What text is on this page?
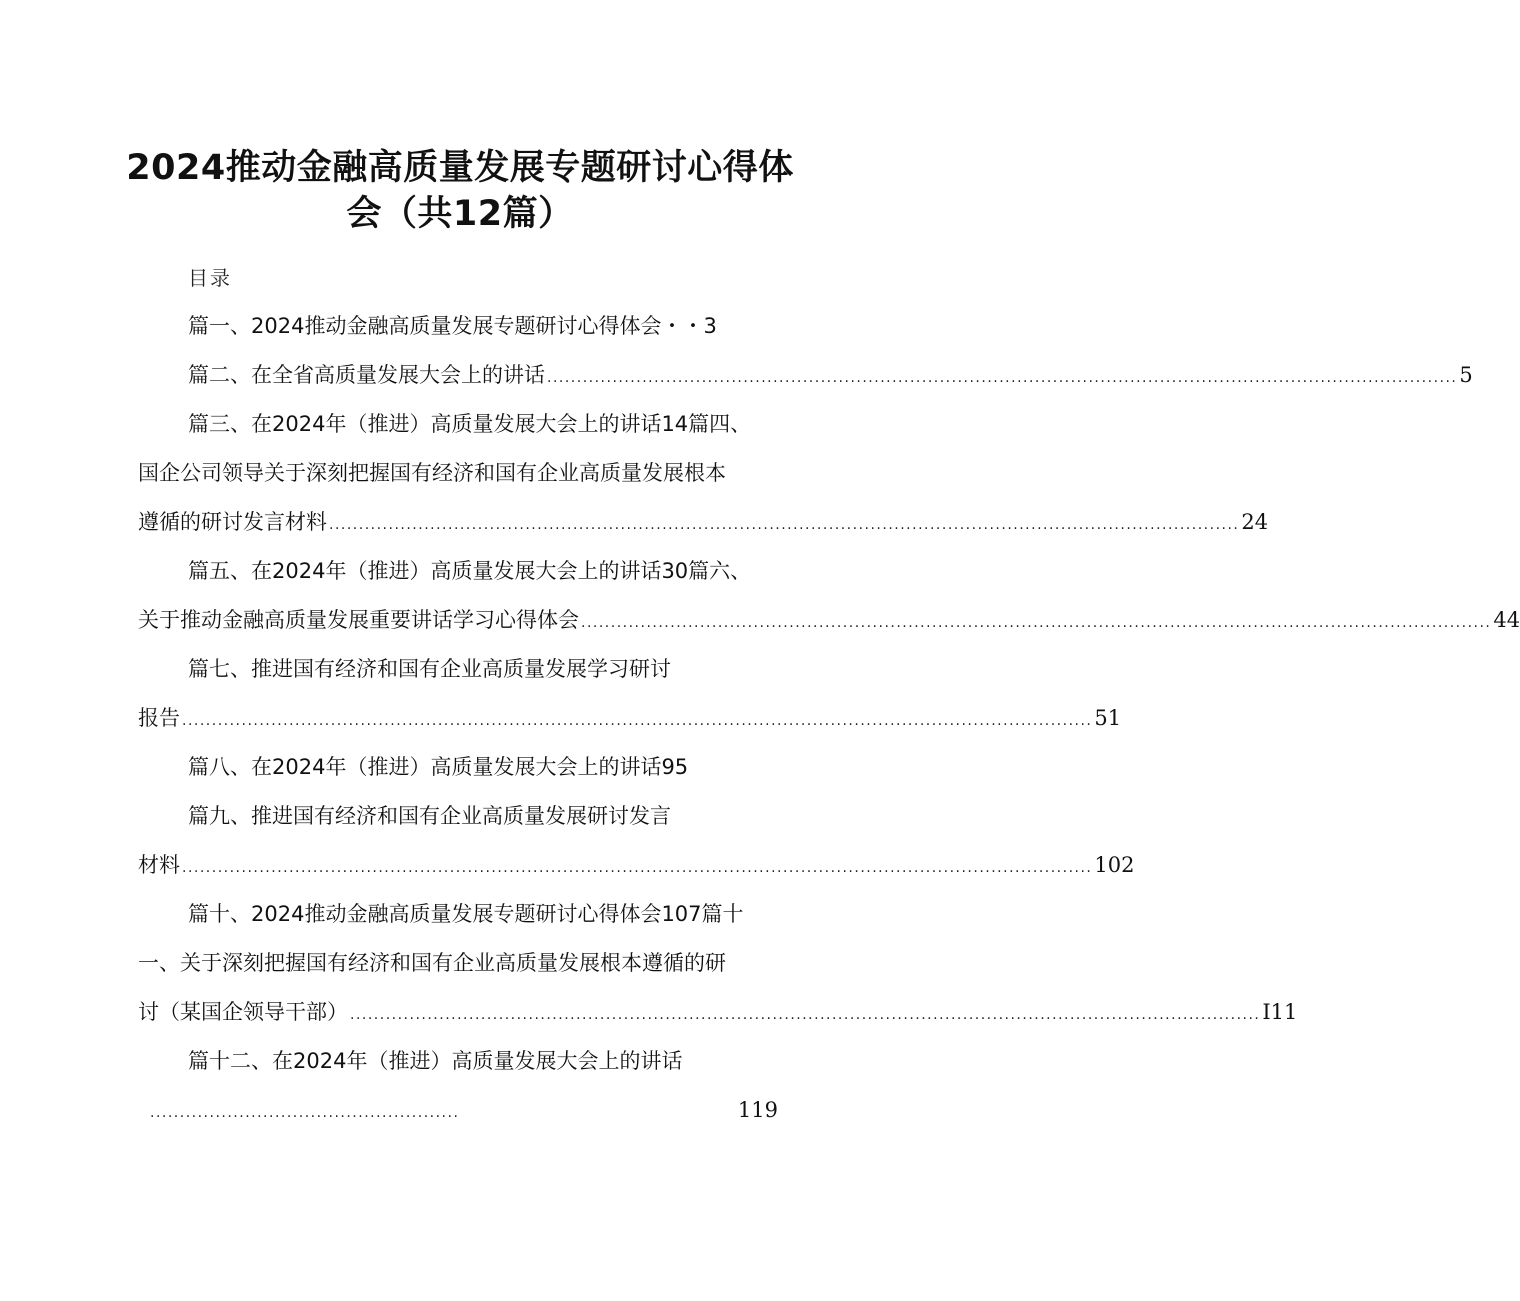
2024推动金融高质量发展专题研讨心得体
会（共12篇）
目录
篇一、2024推动金融高质量发展专题研讨心得体会・・3
篇二、在全省高质量发展大会上的讲话 ......................................................................................................................................................... 5
篇三、在2024年（推进）高质量发展大会上的讲话14篇四、
国企公司领导关于深刻把握国有经济和国有企业高质量发展根本
遵循的研讨发言材料 ......................................................................................................................................................... 24
篇五、在2024年（推进）高质量发展大会上的讲话30篇六、
关于推动金融高质量发展重要讲话学习心得体会 ......................................................................................................................................................... 44
篇七、推进国有经济和国有企业高质量发展学习研讨
报告 ......................................................................................................................................................... 51
篇八、在2024年（推进）高质量发展大会上的讲话95
篇九、推进国有经济和国有企业高质量发展研讨发言
材料 ......................................................................................................................................................... 102
篇十、2024推动金融高质量发展专题研讨心得体会107篇十
一、关于深刻把握国有经济和国有企业高质量发展根本遵循的研
讨（某国企领导干部） ......................................................................................................................................................... I11
篇十二、在2024年（推进）高质量发展大会上的讲话
....................................................	119
